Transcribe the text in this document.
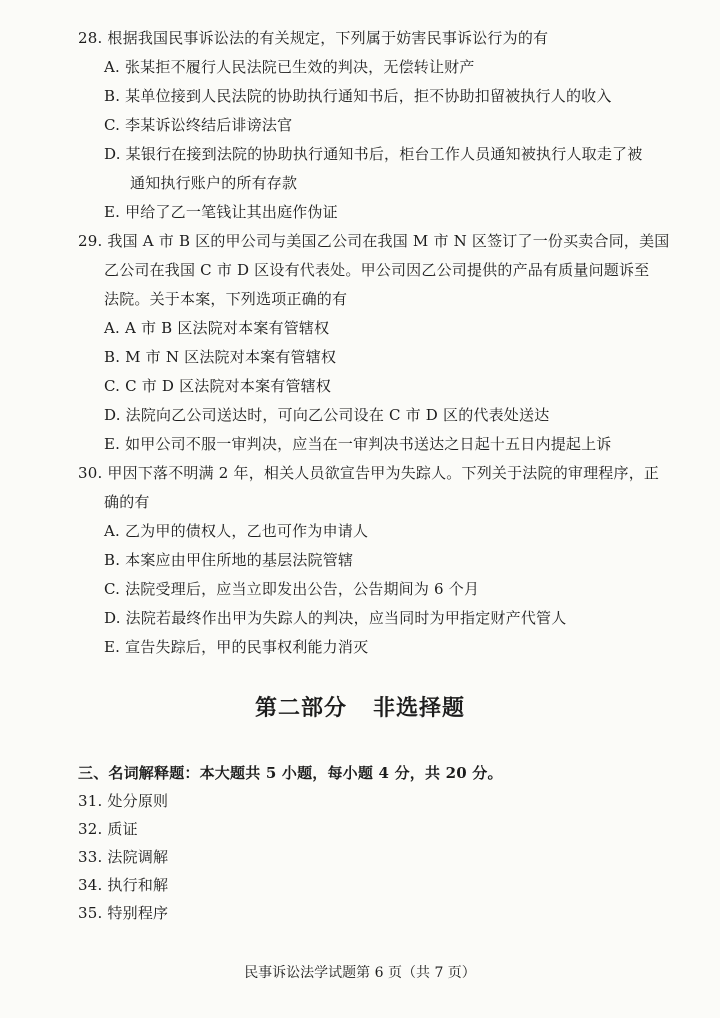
28. 根据我国民事诉讼法的有关规定，下列属于妨害民事诉讼行为的有
A. 张某拒不履行人民法院已生效的判决，无偿转让财产
B. 某单位接到人民法院的协助执行通知书后，拒不协助扣留被执行人的收入
C. 李某诉讼终结后诽谤法官
D. 某银行在接到法院的协助执行通知书后，柜台工作人员通知被执行人取走了被
通知执行账户的所有存款
E. 甲给了乙一笔钱让其出庭作伪证
29. 我国 A 市 B 区的甲公司与美国乙公司在我国 M 市 N 区签订了一份买卖合同，美国
乙公司在我国 C 市 D 区设有代表处。甲公司因乙公司提供的产品有质量问题诉至
法院。关于本案，下列选项正确的有
A. A 市 B 区法院对本案有管辖权
B. M 市 N 区法院对本案有管辖权
C. C 市 D 区法院对本案有管辖权
D. 法院向乙公司送达时，可向乙公司设在 C 市 D 区的代表处送达
E. 如甲公司不服一审判决，应当在一审判决书送达之日起十五日内提起上诉
30. 甲因下落不明满 2 年，相关人员欲宣告甲为失踪人。下列关于法院的审理程序，正
确的有
A. 乙为甲的债权人，乙也可作为申请人
B. 本案应由甲住所地的基层法院管辖
C. 法院受理后，应当立即发出公告，公告期间为 6 个月
D. 法院若最终作出甲为失踪人的判决，应当同时为甲指定财产代管人
E. 宣告失踪后，甲的民事权利能力消灭
第二部分   非选择题
三、名词解释题：本大题共 5 小题，每小题 4 分，共 20 分。
31. 处分原则
32. 质证
33. 法院调解
34. 执行和解
35. 特别程序
民事诉讼法学试题第 6 页（共 7 页）
